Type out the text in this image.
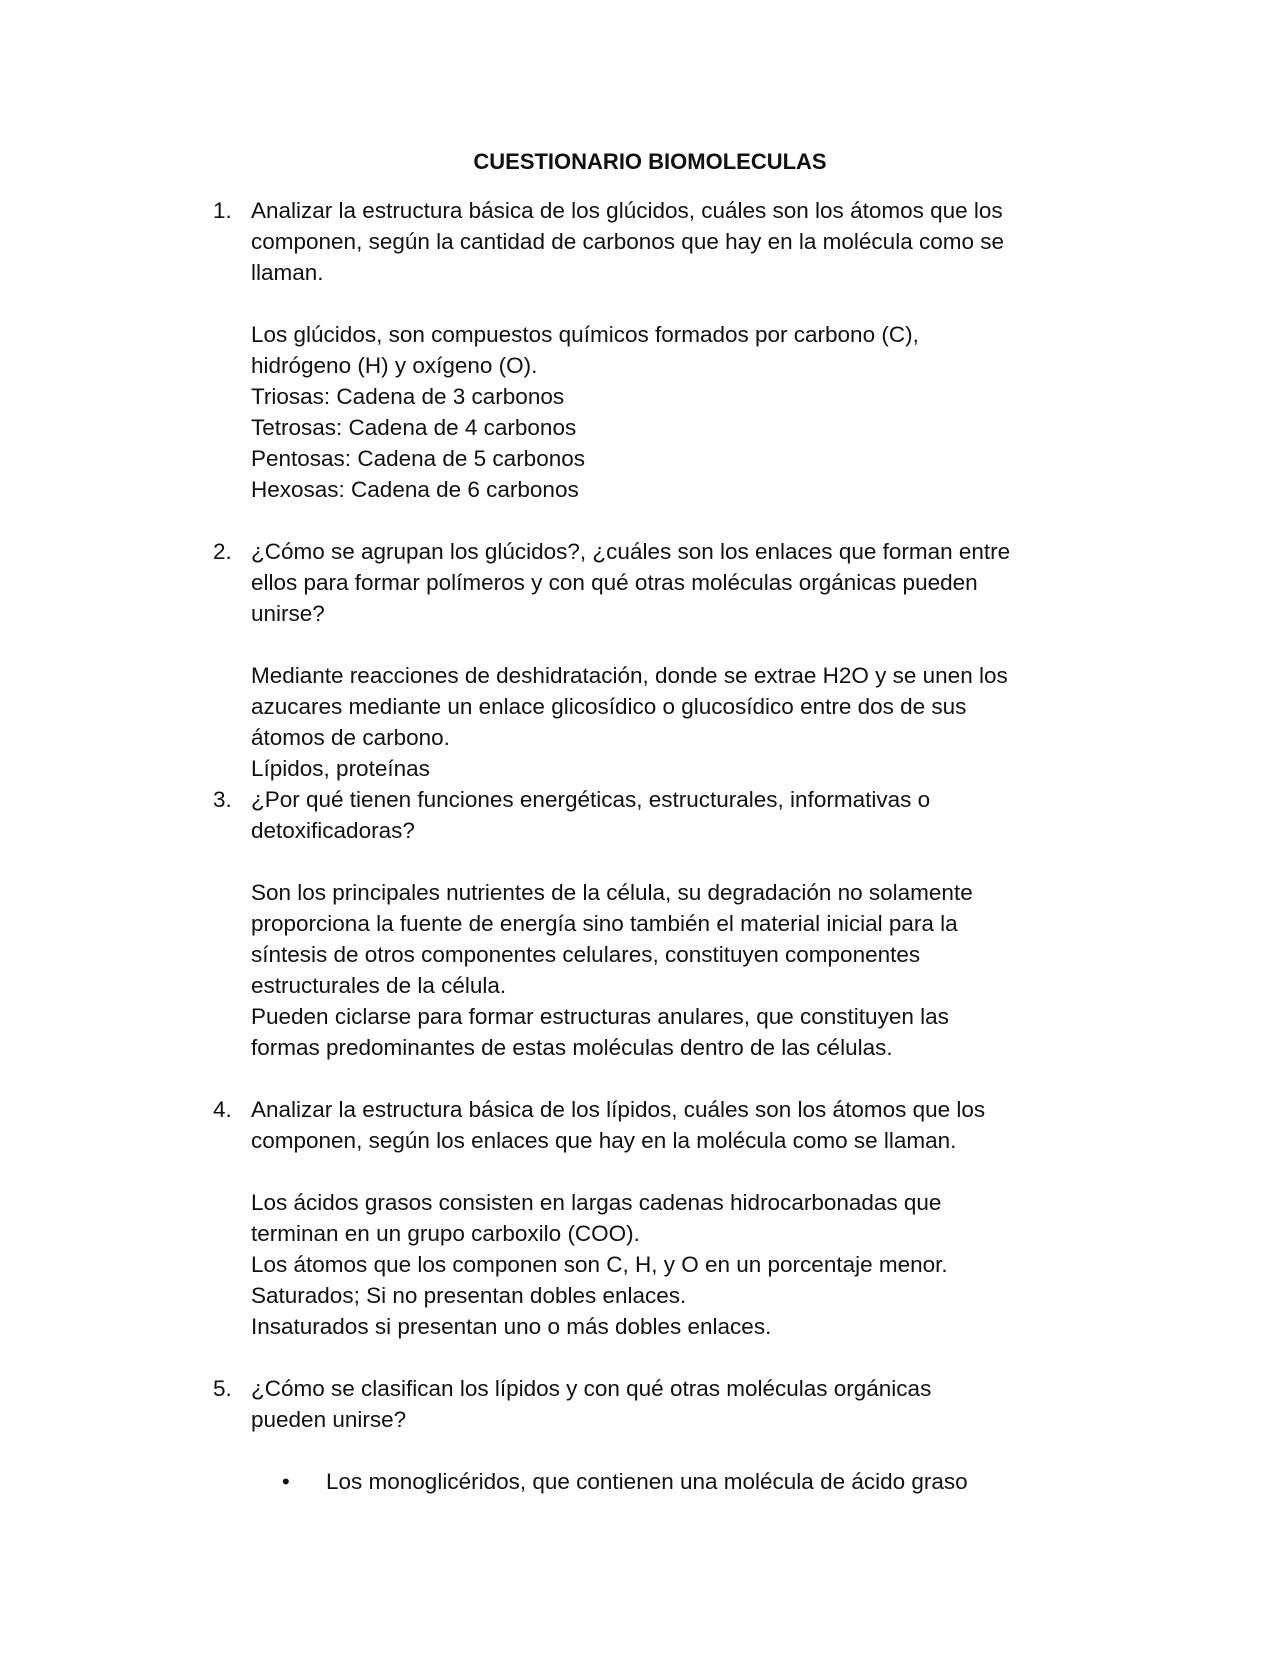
CUESTIONARIO BIOMOLECULAS
1. Analizar la estructura básica de los glúcidos, cuáles son los átomos que los
componen, según la cantidad de carbonos que hay en la molécula como se
llaman.
Los glúcidos, son compuestos químicos formados por carbono (C),
hidrógeno (H) y oxígeno (O).
Triosas: Cadena de 3 carbonos
Tetrosas: Cadena de 4 carbonos
Pentosas: Cadena de 5 carbonos
Hexosas: Cadena de 6 carbonos
2. ¿Cómo se agrupan los glúcidos?, ¿cuáles son los enlaces que forman entre
ellos para formar polímeros y con qué otras moléculas orgánicas pueden
unirse?
Mediante reacciones de deshidratación, donde se extrae H2O y se unen los
azucares mediante un enlace glicosídico o glucosídico entre dos de sus
átomos de carbono.
Lípidos, proteínas
3. ¿Por qué tienen funciones energéticas, estructurales, informativas o
detoxificadoras?
Son los principales nutrientes de la célula, su degradación no solamente
proporciona la fuente de energía sino también el material inicial para la
síntesis de otros componentes celulares, constituyen componentes
estructurales de la célula.
Pueden ciclarse para formar estructuras anulares, que constituyen las
formas predominantes de estas moléculas dentro de las células.
4. Analizar la estructura básica de los lípidos, cuáles son los átomos que los
componen, según los enlaces que hay en la molécula como se llaman.
Los ácidos grasos consisten en largas cadenas hidrocarbonadas que
terminan en un grupo carboxilo (COO).
Los átomos que los componen son C, H, y O en un porcentaje menor.
Saturados; Si no presentan dobles enlaces.
Insaturados si presentan uno o más dobles enlaces.
5. ¿Cómo se clasifican los lípidos y con qué otras moléculas orgánicas
pueden unirse?
• Los monoglicéridos, que contienen una molécula de ácido graso
